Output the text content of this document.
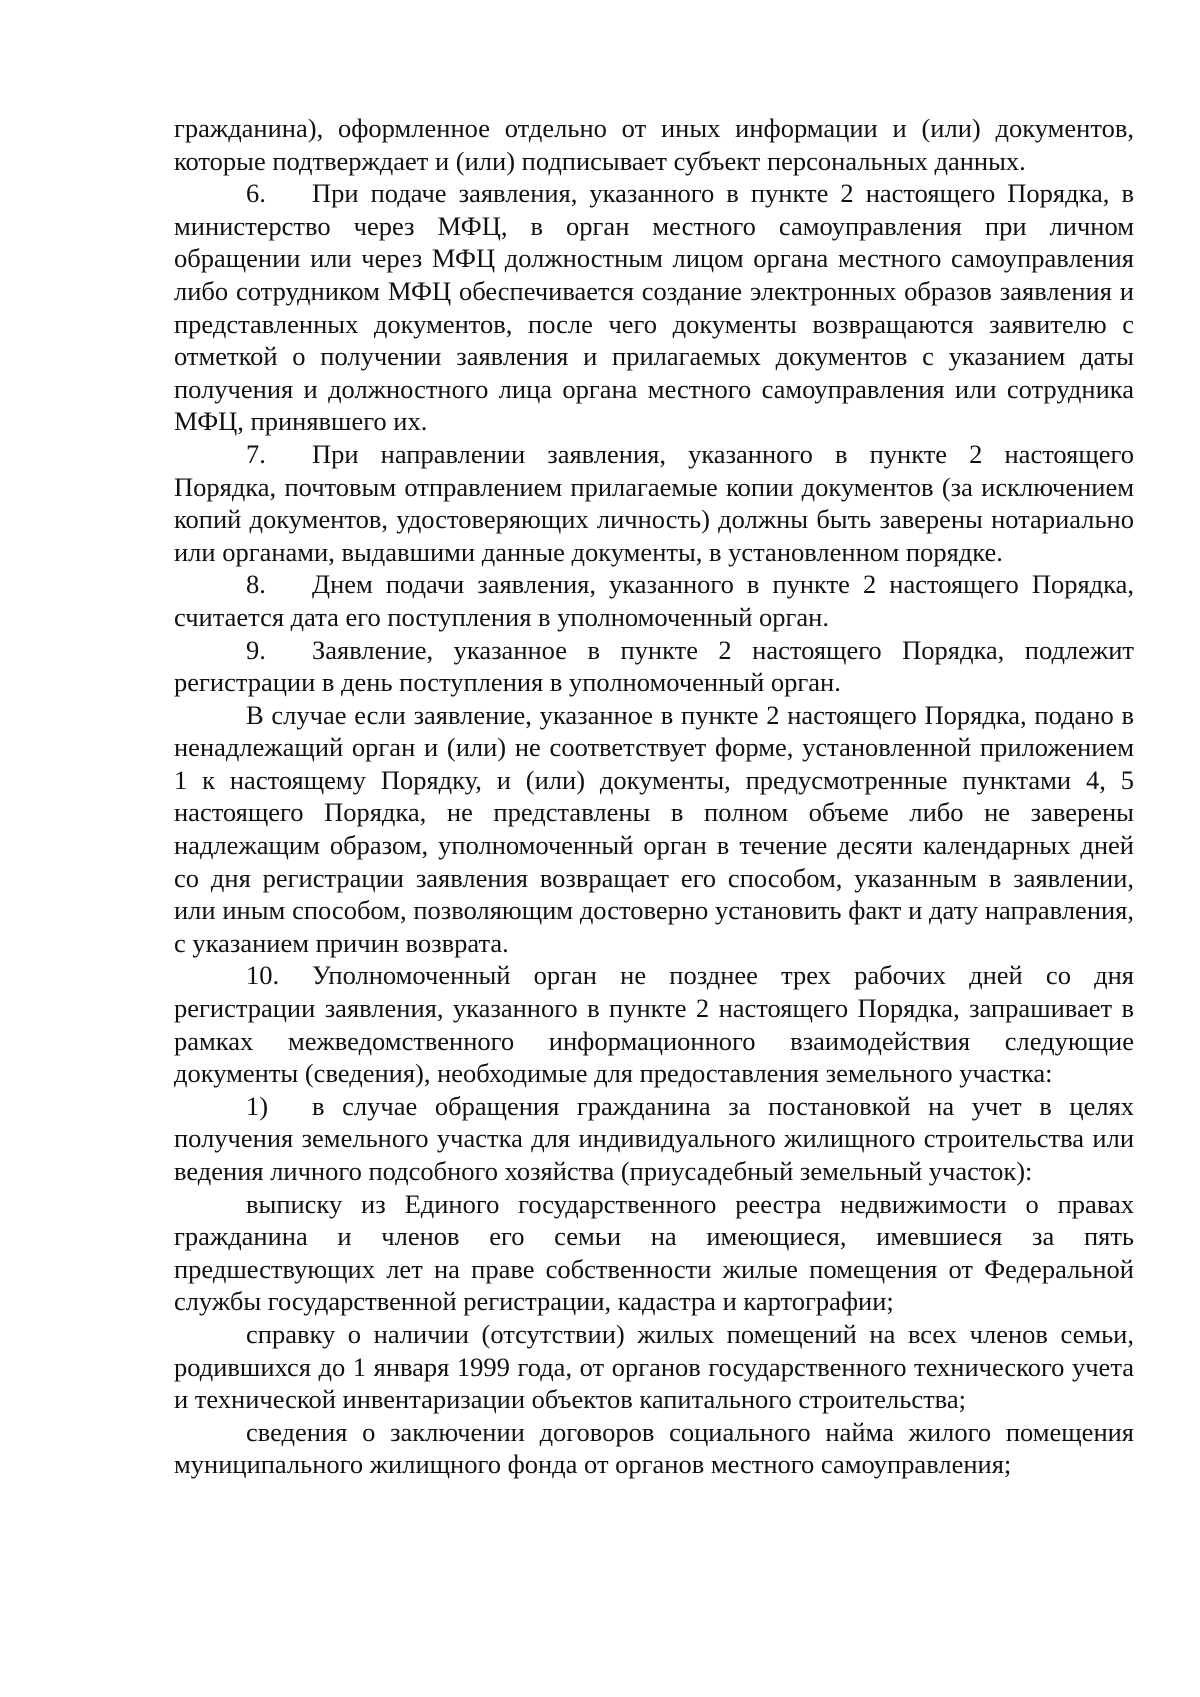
гражданина), оформленное отдельно от иных информации и (или) документов, которые подтверждает и (или) подписывает субъект персональных данных.

6. При подаче заявления, указанного в пункте 2 настоящего Порядка, в министерство через МФЦ, в орган местного самоуправления при личном обращении или через МФЦ должностным лицом органа местного самоуправления либо сотрудником МФЦ обеспечивается создание электронных образов заявления и представленных документов, после чего документы возвращаются заявителю с отметкой о получении заявления и прилагаемых документов с указанием даты получения и должностного лица органа местного самоуправления или сотрудника МФЦ, принявшего их.

7. При направлении заявления, указанного в пункте 2 настоящего Порядка, почтовым отправлением прилагаемые копии документов (за исключением копий документов, удостоверяющих личность) должны быть заверены нотариально или органами, выдавшими данные документы, в установленном порядке.

8. Днем подачи заявления, указанного в пункте 2 настоящего Порядка, считается дата его поступления в уполномоченный орган.

9. Заявление, указанное в пункте 2 настоящего Порядка, подлежит регистрации в день поступления в уполномоченный орган.

В случае если заявление, указанное в пункте 2 настоящего Порядка, подано в ненадлежащий орган и (или) не соответствует форме, установленной приложением 1 к настоящему Порядку, и (или) документы, предусмотренные пунктами 4, 5 настоящего Порядка, не представлены в полном объеме либо не заверены надлежащим образом, уполномоченный орган в течение десяти календарных дней со дня регистрации заявления возвращает его способом, указанным в заявлении, или иным способом, позволяющим достоверно установить факт и дату направления, с указанием причин возврата.

10. Уполномоченный орган не позднее трех рабочих дней со дня регистрации заявления, указанного в пункте 2 настоящего Порядка, запрашивает в рамках межведомственного информационного взаимодействия следующие документы (сведения), необходимые для предоставления земельного участка:

1) в случае обращения гражданина за постановкой на учет в целях получения земельного участка для индивидуального жилищного строительства или ведения личного подсобного хозяйства (приусадебный земельный участок):

выписку из Единого государственного реестра недвижимости о правах гражданина и членов его семьи на имеющиеся, имевшиеся за пять предшествующих лет на праве собственности жилые помещения от Федеральной службы государственной регистрации, кадастра и картографии;

справку о наличии (отсутствии) жилых помещений на всех членов семьи, родившихся до 1 января 1999 года, от органов государственного технического учета и технической инвентаризации объектов капитального строительства;

сведения о заключении договоров социального найма жилого помещения муниципального жилищного фонда от органов местного самоуправления;
